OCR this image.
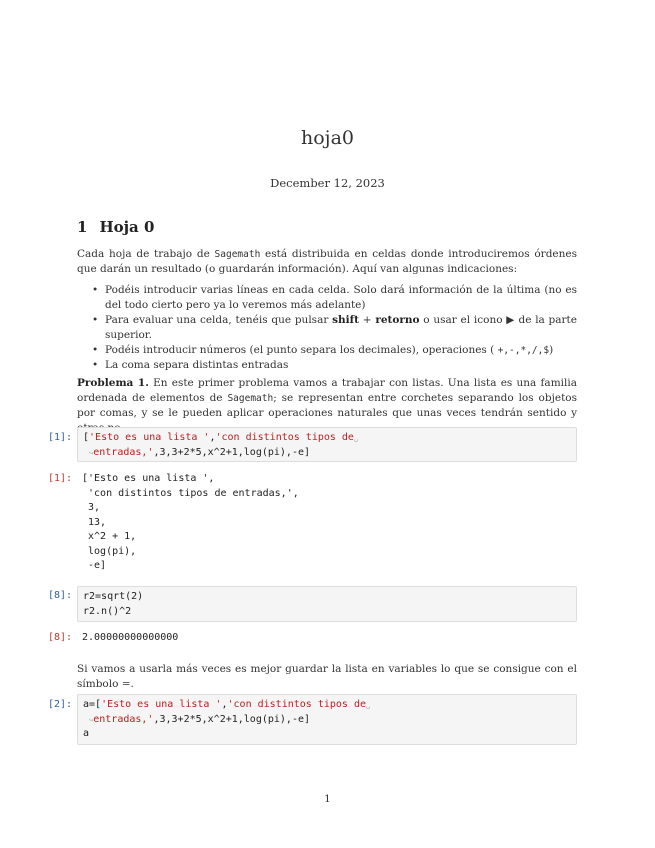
hoja0
December 12, 2023
1 Hoja 0
Cada hoja de trabajo de Sagemath está distribuida en celdas donde introduciremos órdenes que darán un resultado (o guardarán información). Aquí van algunas indicaciones:
• Podéis introducir varias líneas en cada celda. Solo dará información de la última (no es del todo cierto pero ya lo veremos más adelante)
• Para evaluar una celda, tenéis que pulsar shift + retorno o usar el icono ▶ de la parte superior.
• Podéis introducir números (el punto separa los decimales), operaciones ( +,-,*,/,$)
• La coma separa distintas entradas
Problema 1. En este primer problema vamos a trabajar con listas. Una lista es una familia ordenada de elementos de Sagemath; se representan entre corchetes separando los objetos por comas, y se le pueden aplicar operaciones naturales que unas veces tendrán sentido y
[1]: ['Esto es una lista ','con distintos tipos de␣
↪entradas,',3,3+2*5,x^2+1,log(pi),-e]
[1]: ['Esto es una lista ',
'con distintos tipos de entradas,',
3,
13,
x^2 + 1,
log(pi),
-e]
[8]: r2=sqrt(2)
r2.n()^2
[8]: 2.00000000000000
Si vamos a usarla más veces es mejor guardar la lista en variables lo que se consigue con el símbolo =.
[2]: a=['Esto es una lista ','con distintos tipos de␣
↪entradas,',3,3+2*5,x^2+1,log(pi),-e]
a
1
